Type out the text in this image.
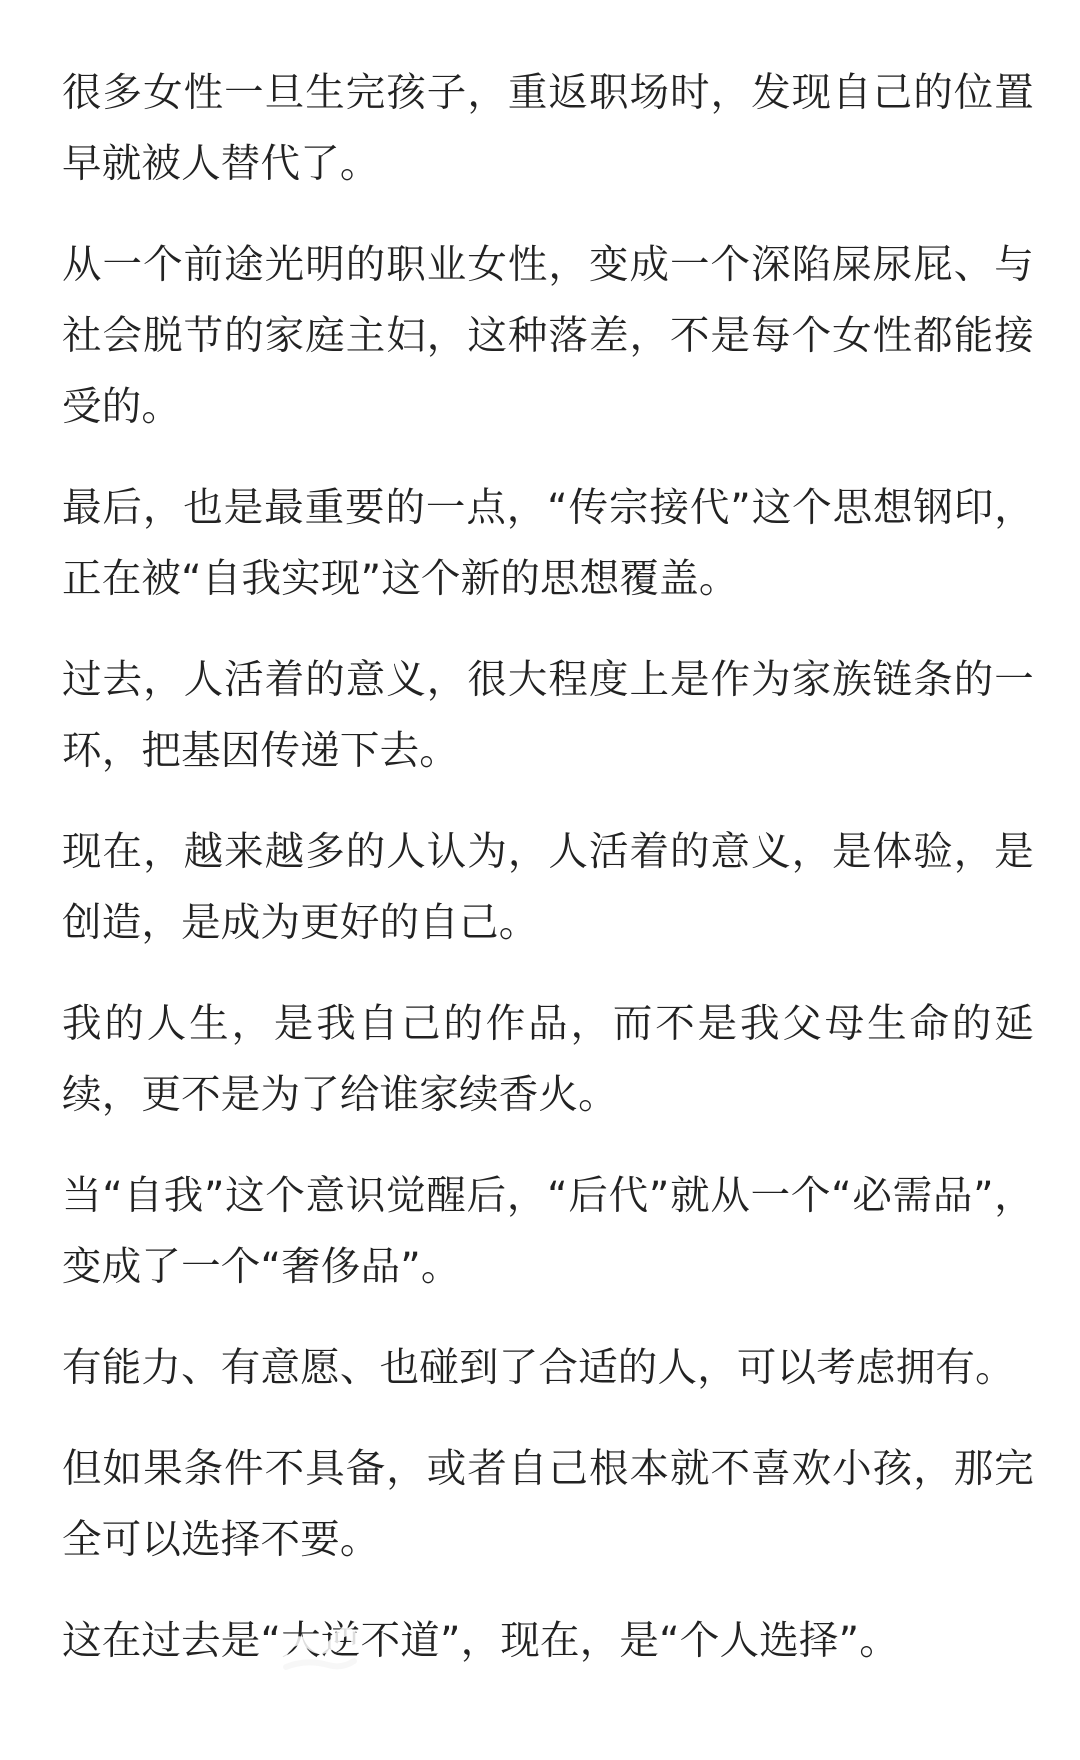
很多女性一旦生完孩子，重返职场时，发现自己的位置早就被人替代了。

从一个前途光明的职业女性，变成一个深陷屎尿屁、与社会脱节的家庭主妇，这种落差，不是每个女性都能接受的。

最后，也是最重要的一点，“传宗接代”这个思想钢印，正在被“自我实现”这个新的思想覆盖。

过去，人活着的意义，很大程度上是作为家族链条的一环，把基因传递下去。

现在，越来越多的人认为，人活着的意义，是体验，是创造，是成为更好的自己。

我的人生，是我自己的作品，而不是我父母生命的延续，更不是为了给谁家续香火。

当“自我”这个意识觉醒后，“后代”就从一个“必需品”，变成了一个“奢侈品”。

有能力、有意愿、也碰到了合适的人，可以考虑拥有。

但如果条件不具备，或者自己根本就不喜欢小孩，那完全可以选择不要。

这在过去是“大逆不道”，现在，是“个人选择”。
